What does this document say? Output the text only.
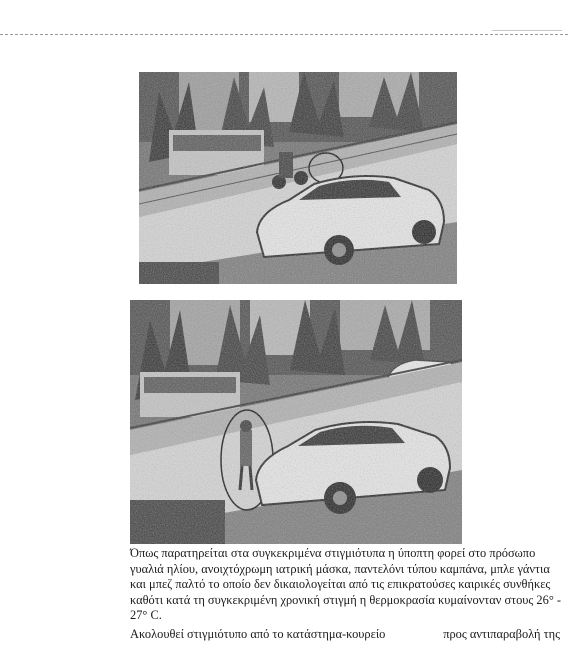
Όπως παρατηρείται στα συγκεκριμένα στιγμιότυπα η ύποπτη φορεί στο πρόσωπο
γυαλιά ηλίου, ανοιχτόχρωμη ιατρική μάσκα, παντελόνι τύπου καμπάνα, μπλε γάντια
και μπεζ παλτό το οποίο δεν δικαιολογείται από τις επικρατούσες καιρικές συνθήκες
καθότι κατά τη συγκεκριμένη χρονική στιγμή η θερμοκρασία κυμαίνονταν στους 26° -
27° C.
Ακολουθεί στιγμιότυπο από το κατάστημα-κουρείο	προς αντιπαραβολή της
